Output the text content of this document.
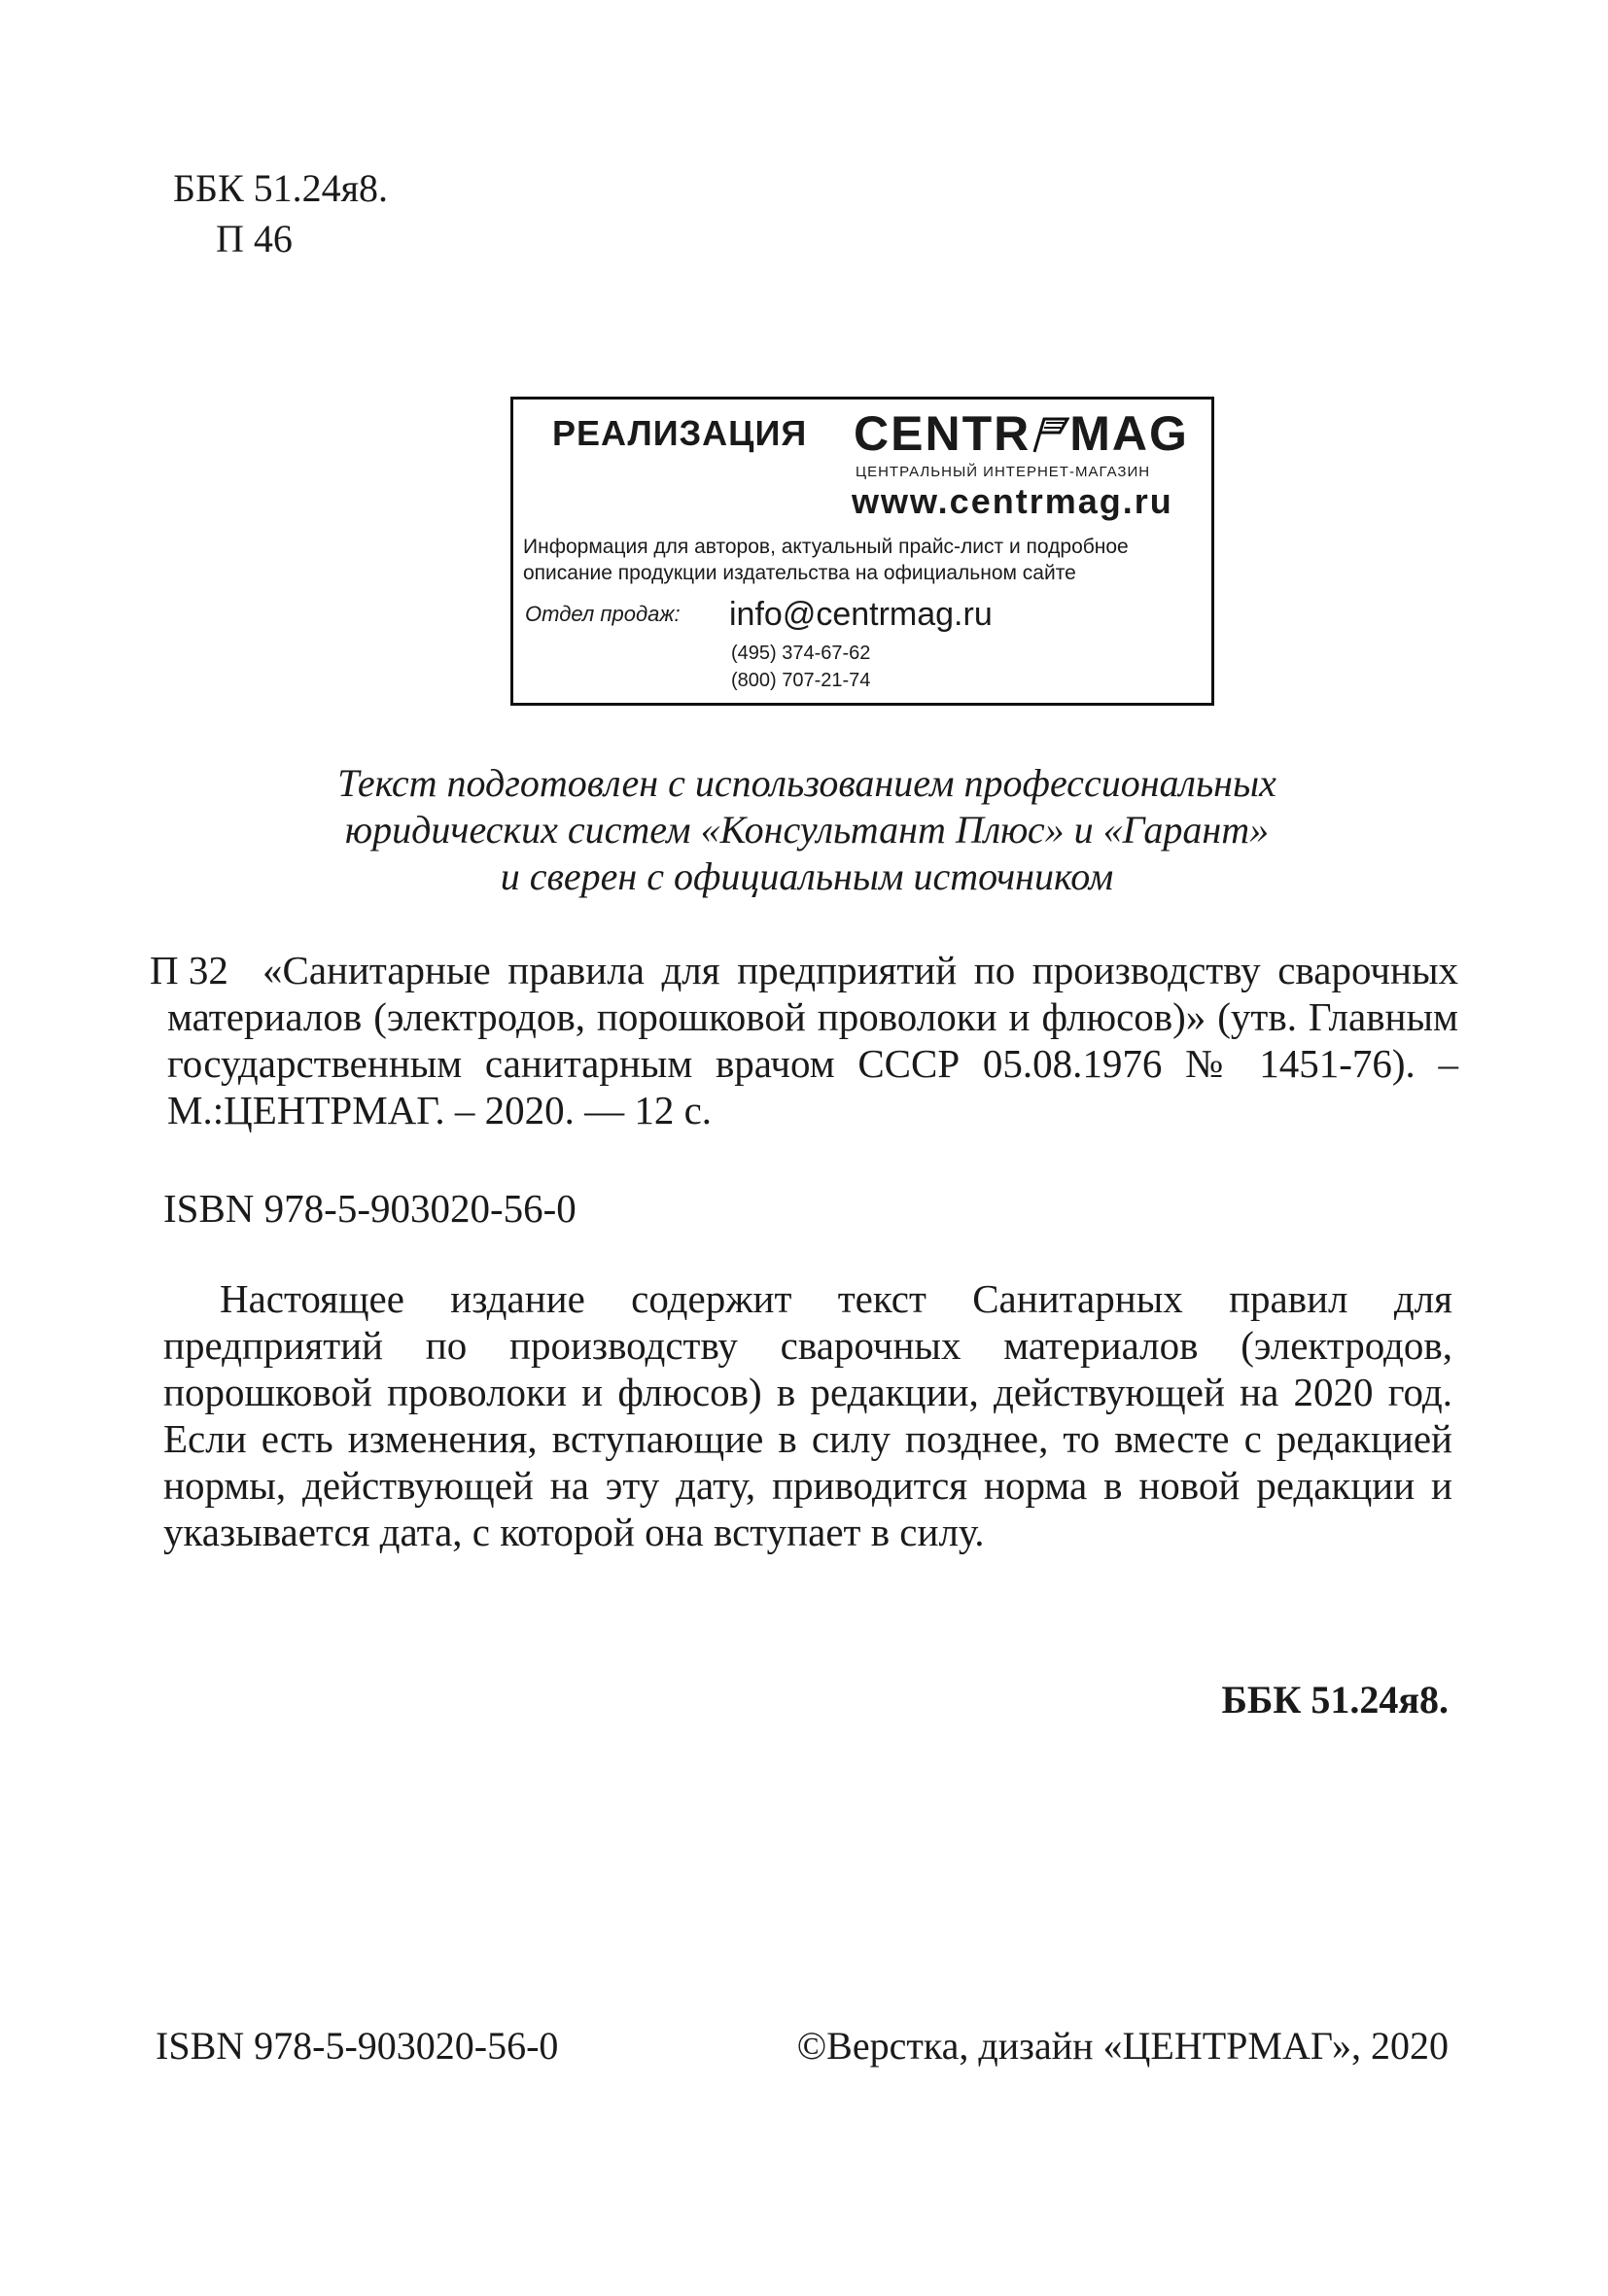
ББК 51.24я8.
П 46
РЕАЛИЗАЦИЯ CENTR MAG
ЦЕНТРАЛЬНЫЙ ИНТЕРНЕТ-МАГАЗИН
www.centrmag.ru
Информация для авторов, актуальный прайс-лист и подробное
описание продукции издательства на официальном сайте
Отдел продаж: info@centrmag.ru
(495) 374-67-62
(800) 707-21-74
Текст подготовлен с использованием профессиональных
юридических систем «Консультант Плюс» и «Гарант»
и сверен с официальным источником
П 32 «Санитарные правила для предприятий по производству сварочных материалов (электродов, порошковой проволоки и флюсов)» (утв. Главным государственным санитарным врачом СССР 05.08.1976 № 1451-76). – М.:ЦЕНТРМАГ. – 2020. — 12 с.
ISBN 978-5-903020-56-0
Настоящее издание содержит текст Санитарных правил для предприятий по производству сварочных материалов (электродов, порошковой проволоки и флюсов) в редакции, действующей на 2020 год. Если есть изменения, вступающие в силу позднее, то вместе с редакцией нормы, действующей на эту дату, приводится норма в новой редакции и указывается дата, с которой она вступает в силу.
ББК 51.24я8.
ISBN 978-5-903020-56-0	©Верстка, дизайн «ЦЕНТРМАГ», 2020
